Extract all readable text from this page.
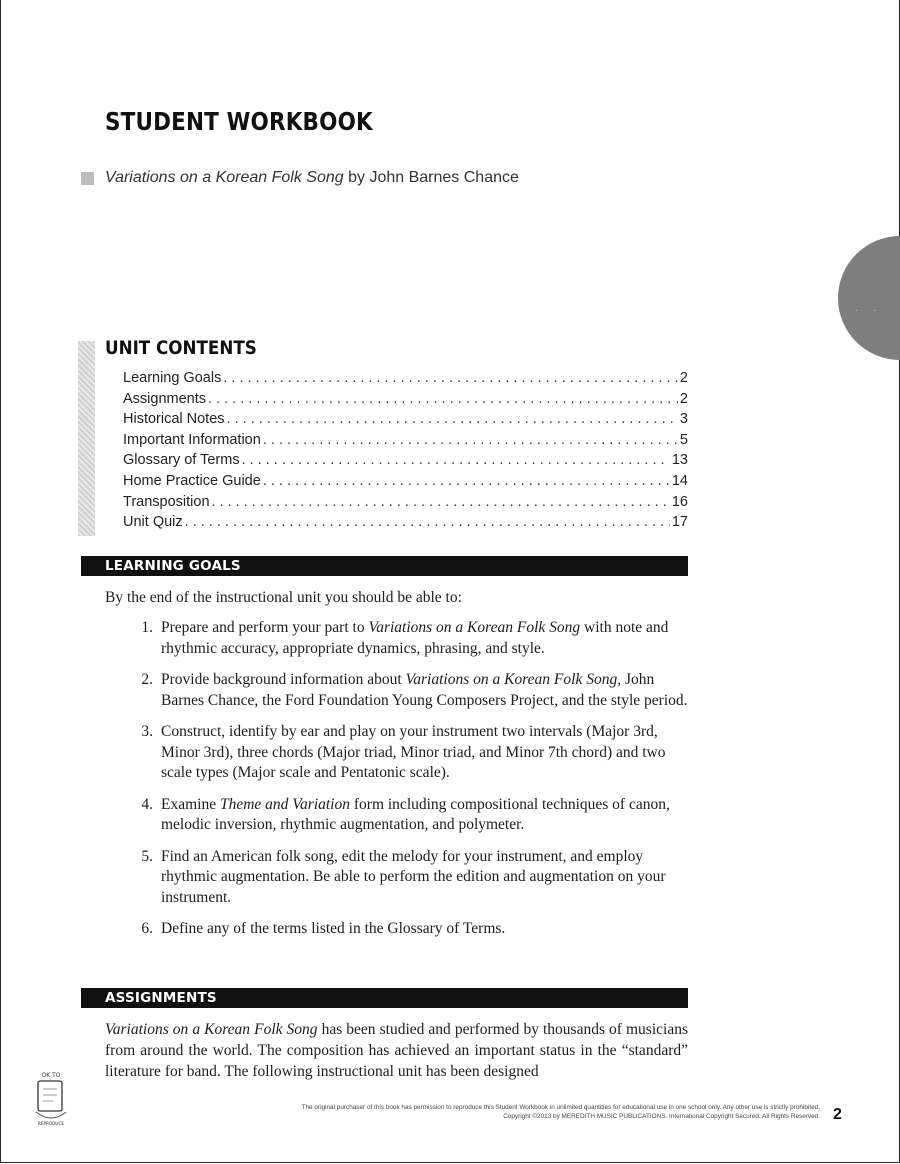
STUDENT WORKBOOK
Variations on a Korean Folk Song by John Barnes Chance
· ·
UNIT CONTENTS
Learning Goals . . .	2
Assignments . . .	2
Historical Notes . . .	3
Important Information . . .	5
Glossary of Terms . . .	13
Home Practice Guide . . .	14
Transposition . . .	16
Unit Quiz . . .	17
LEARNING GOALS

By the end of the instructional unit you should be able to:

1. Prepare and perform your part to Variations on a Korean Folk Song with note and rhythmic accuracy, appropriate dynamics, phrasing, and style.
2. Provide background information about Variations on a Korean Folk Song, John Barnes Chance, the Ford Foundation Young Composers Project, and the style period.
3. Construct, identify by ear and play on your instrument two intervals (Major 3rd, Minor 3rd), three chords (Major triad, Minor triad, and Minor 7th chord) and two scale types (Major scale and Pentatonic scale).
4. Examine Theme and Variation form including compositional techniques of canon, melodic inversion, rhythmic augmentation, and polymeter.
5. Find an American folk song, edit the melody for your instrument, and employ rhythmic augmentation. Be able to perform the edition and augmentation on your instrument.
6. Define any of the terms listed in the Glossary of Terms.
ASSIGNMENTS

Variations on a Korean Folk Song has been studied and performed by thousands of musicians from around the world. The composition has achieved an important status in the “standard” literature for band. The following instructional unit has been designed

OK TO
REPRODUCE
The original purchaser of this book has permission to reproduce this Student Workbook in unlimited quantities for educational use in one school only. Any other use is strictly prohibited.
Copyright ©2013 by MEREDITH MUSIC PUBLICATIONS. International Copyright Secured. All Rights Reserved. 2
